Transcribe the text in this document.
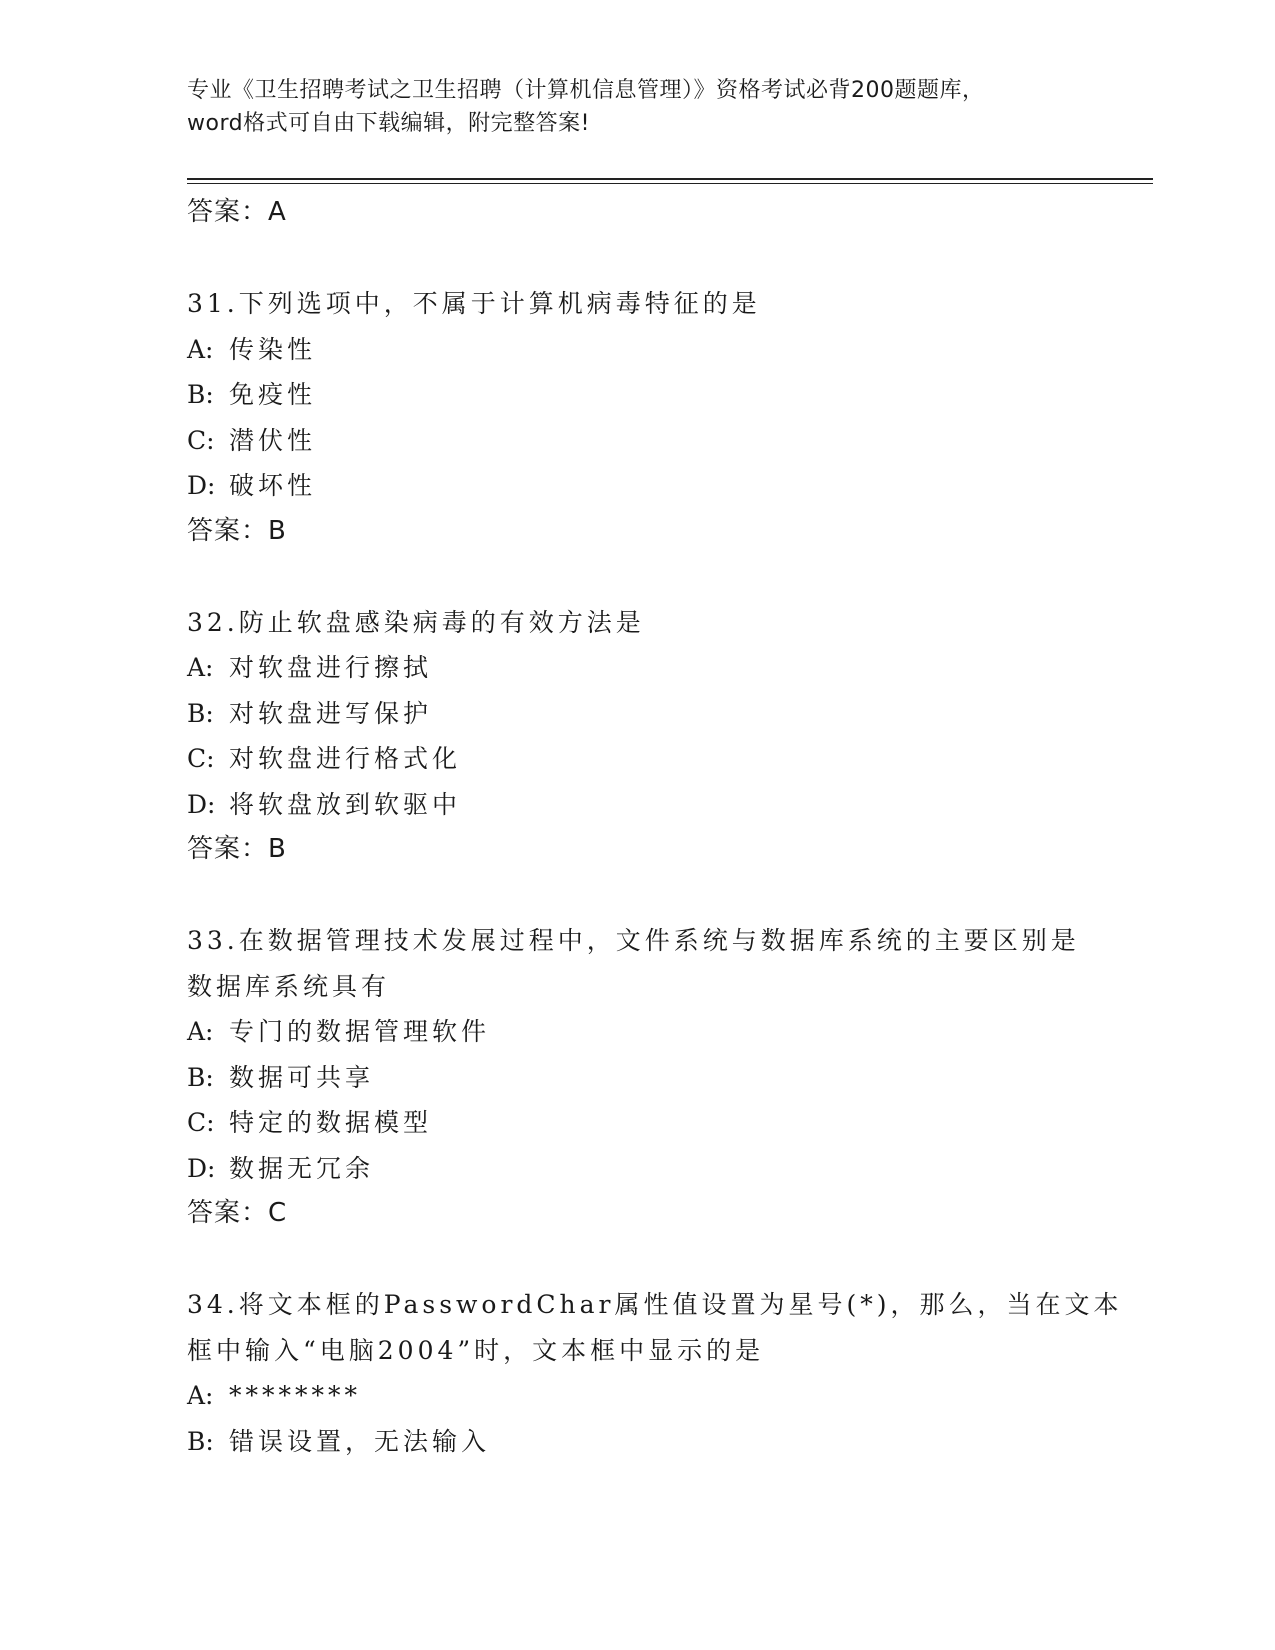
专业《卫生招聘考试之卫生招聘（计算机信息管理）》资格考试必背200题题库，
word格式可自由下载编辑，附完整答案!
答案：A
31.下列选项中，不属于计算机病毒特征的是
A: 传染性
B: 免疫性
C: 潜伏性
D: 破坏性
答案：B
32.防止软盘感染病毒的有效方法是
A: 对软盘进行擦拭
B: 对软盘进写保护
C: 对软盘进行格式化
D: 将软盘放到软驱中
答案：B
33.在数据管理技术发展过程中，文件系统与数据库系统的主要区别是
数据库系统具有
A: 专门的数据管理软件
B: 数据可共享
C: 特定的数据模型
D: 数据无冗余
答案：C
34.将文本框的PasswordChar属性值设置为星号(*)，那么，当在文本
框中输入“电脑2004”时，文本框中显示的是
A: ********
B: 错误设置，无法输入
